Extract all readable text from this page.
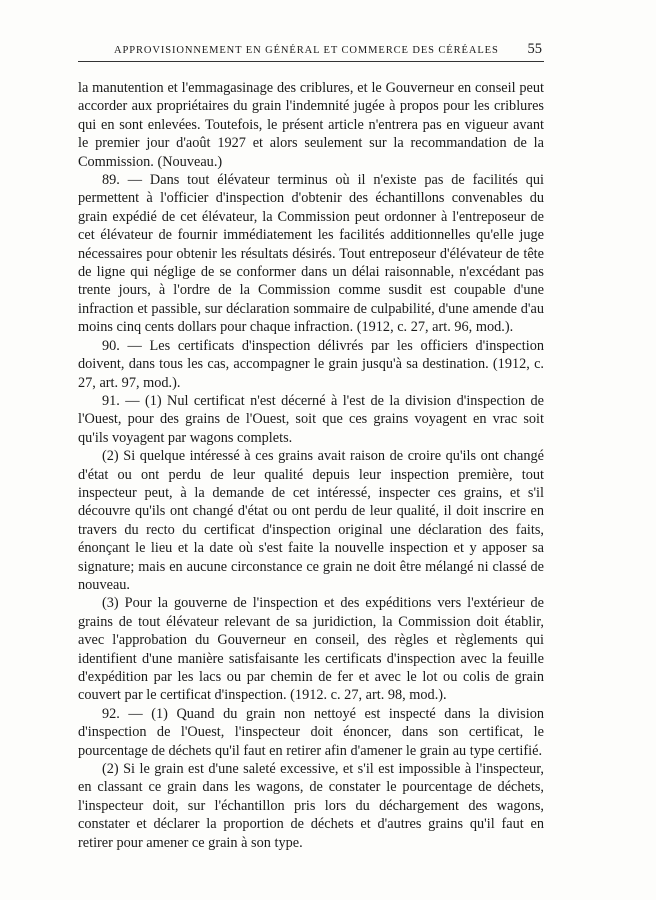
APPROVISIONNEMENT EN GÉNÉRAL ET COMMERCE DES CÉRÉALES 55

la manutention et l'emmagasinage des criblures, et le Gouverneur en conseil peut accorder aux propriétaires du grain l'indemnité jugée à propos pour les criblures qui en sont enlevées. Toutefois, le présent article n'entrera pas en vigueur avant le premier jour d'août 1927 et alors seulement sur la recommandation de la Commission. (Nouveau.)

89. — Dans tout élévateur terminus où il n'existe pas de facilités qui permettent à l'officier d'inspection d'obtenir des échantillons convenables du grain expédié de cet élévateur, la Commission peut ordonner à l'entreposeur de cet élévateur de fournir immédiatement les facilités additionnelles qu'elle juge nécessaires pour obtenir les résultats désirés. Tout entreposeur d'élévateur de tête de ligne qui néglige de se conformer dans un délai raisonnable, n'excédant pas trente jours, à l'ordre de la Commission comme susdit est coupable d'une infraction et passible, sur déclaration sommaire de culpabilité, d'une amende d'au moins cinq cents dollars pour chaque infraction. (1912, c. 27, art. 96, mod.).

90. — Les certificats d'inspection délivrés par les officiers d'inspection doivent, dans tous les cas, accompagner le grain jusqu'à sa destination. (1912, c. 27, art. 97, mod.).

91. — (1) Nul certificat n'est décerné à l'est de la division d'inspection de l'Ouest, pour des grains de l'Ouest, soit que ces grains voyagent en vrac soit qu'ils voyagent par wagons complets.

(2) Si quelque intéressé à ces grains avait raison de croire qu'ils ont changé d'état ou ont perdu de leur qualité depuis leur inspection première, tout inspecteur peut, à la demande de cet intéressé, inspecter ces grains, et s'il découvre qu'ils ont changé d'état ou ont perdu de leur qualité, il doit inscrire en travers du recto du certificat d'inspection original une déclaration des faits, énonçant le lieu et la date où s'est faite la nouvelle inspection et y apposer sa signature; mais en aucune circonstance ce grain ne doit être mélangé ni classé de nouveau.

(3) Pour la gouverne de l'inspection et des expéditions vers l'extérieur de grains de tout élévateur relevant de sa juridiction, la Commission doit établir, avec l'approbation du Gouverneur en conseil, des règles et règlements qui identifient d'une manière satisfaisante les certificats d'inspection avec la feuille d'expédition par les lacs ou par chemin de fer et avec le lot ou colis de grain couvert par le certificat d'inspection. (1912. c. 27, art. 98, mod.).

92. — (1) Quand du grain non nettoyé est inspecté dans la division d'inspection de l'Ouest, l'inspecteur doit énoncer, dans son certificat, le pourcentage de déchets qu'il faut en retirer afin d'amener le grain au type certifié.

(2) Si le grain est d'une saleté excessive, et s'il est impossible à l'inspecteur, en classant ce grain dans les wagons, de constater le pourcentage de déchets, l'inspecteur doit, sur l'échantillon pris lors du déchargement des wagons, constater et déclarer la proportion de déchets et d'autres grains qu'il faut en retirer pour amener ce grain à son type.
